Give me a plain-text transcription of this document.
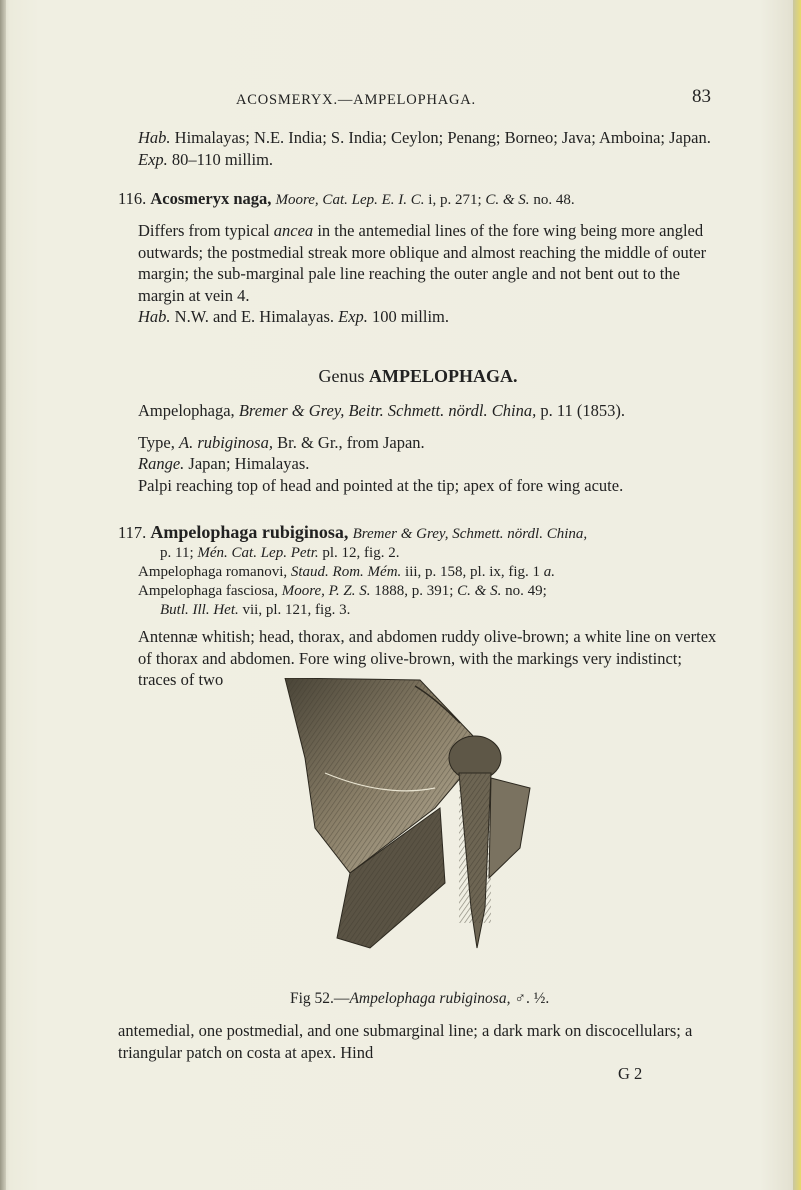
ACOSMERYX.—AMPELOPHAGA.	83
Hab. Himalayas; N.E. India; S. India; Ceylon; Penang; Borneo; Java; Amboina; Japan. Exp. 80–110 millim.
116. Acosmeryx naga, Moore, Cat. Lep. E. I. C. i, p. 271; C. & S. no. 48.
Differs from typical ancea in the antemedial lines of the fore wing being more angled outwards; the postmedial streak more oblique and almost reaching the middle of outer margin; the sub-marginal pale line reaching the outer angle and not bent out to the margin at vein 4.
Hab. N.W. and E. Himalayas. Exp. 100 millim.
Genus AMPELOPHAGA.
Ampelophaga, Bremer & Grey, Beitr. Schmett. nördl. China, p. 11 (1853).
Type, A. rubiginosa, Br. & Gr., from Japan.
Range. Japan; Himalayas.
Palpi reaching top of head and pointed at the tip; apex of fore wing acute.
117. Ampelophaga rubiginosa, Bremer & Grey, Schmett. nördl. China,
p. 11; Mén. Cat. Lep. Petr. pl. 12, fig. 2.
Ampelophaga romanovi, Staud. Rom. Mém. iii, p. 158, pl. ix, fig. 1 a.
Ampelophaga fasciosa, Moore, P. Z. S. 1888, p. 391; C. & S. no. 49;
Butl. Ill. Het. vii, pl. 121, fig. 3.
Antennæ whitish; head, thorax, and abdomen ruddy olive-brown; a white line on vertex of thorax and abdomen. Fore wing olive-brown, with the markings very indistinct; traces of two
Fig 52.—Ampelophaga rubiginosa, ♂. ½.
antemedial, one postmedial, and one submarginal line; a dark mark on discocellulars; a triangular patch on costa at apex. Hind
G 2
